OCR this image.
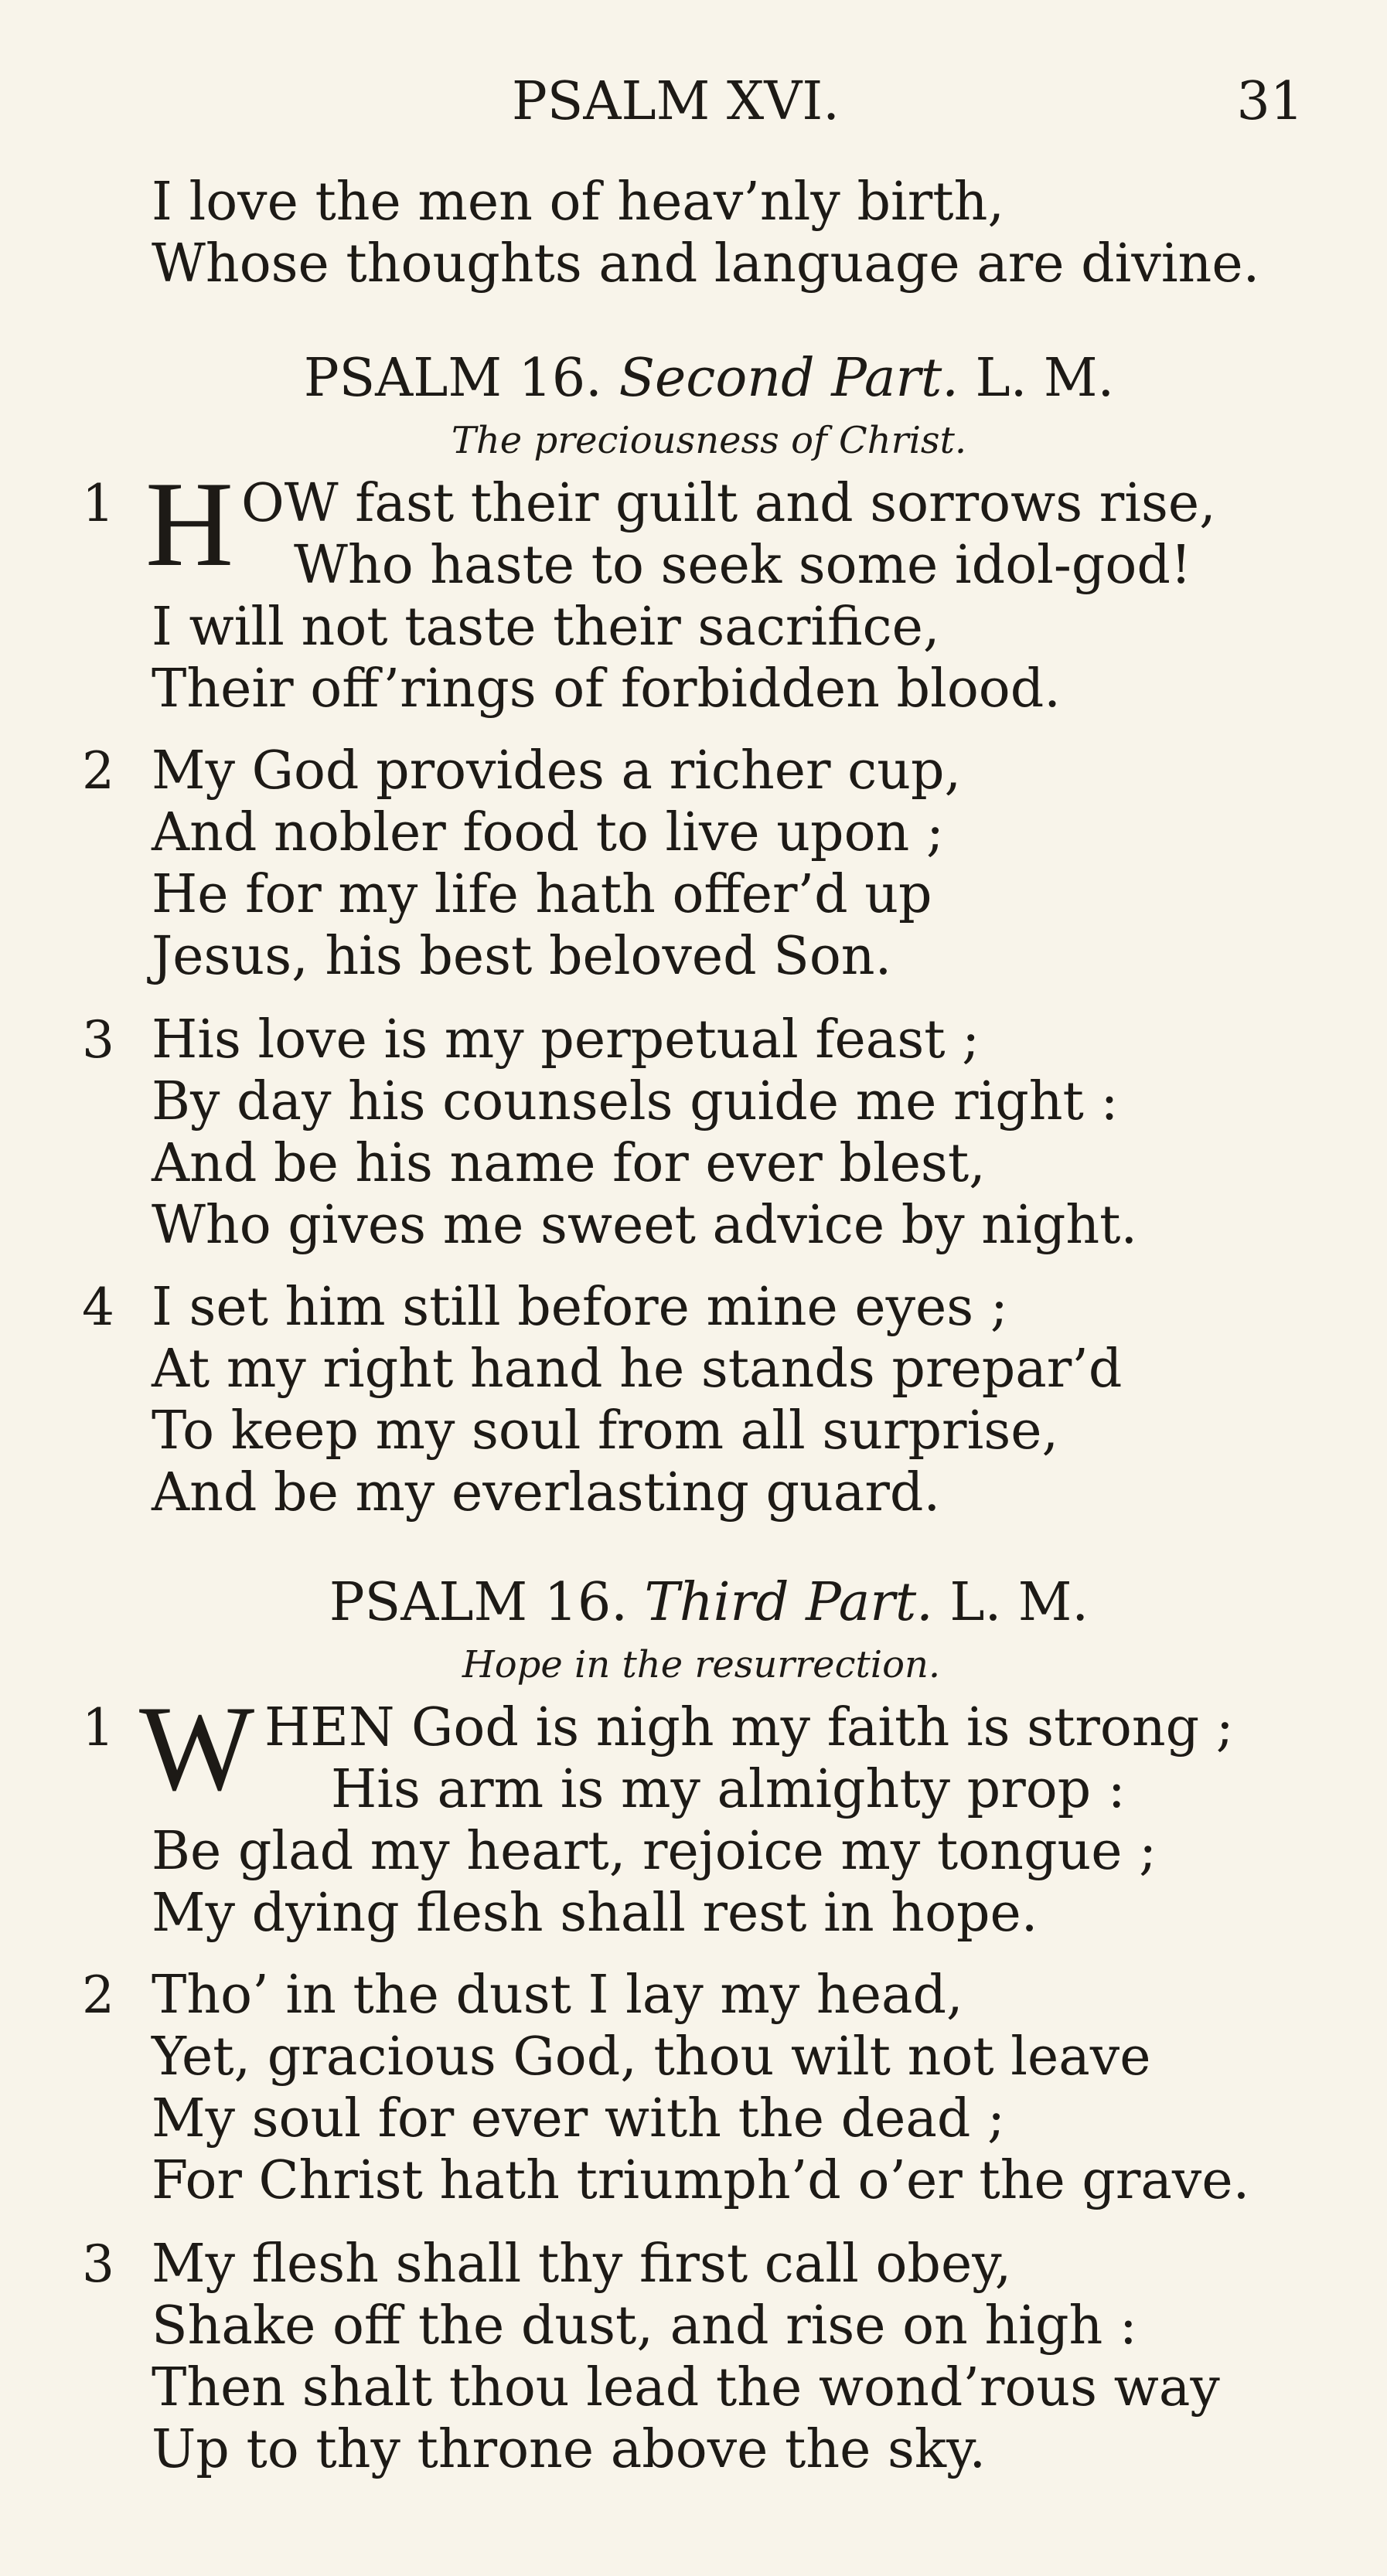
PSALM XVI.	31
I love the men of heav’nly birth,
Whose thoughts and language are divine.
PSALM 16. Second Part. L. M.
The preciousness of Christ.
1 H OW fast their guilt and sorrows rise,
Who haste to seek some idol-god!
I will not taste their sacrifice,
Their off’rings of forbidden blood.
2 My God provides a richer cup,
And nobler food to live upon ;
He for my life hath offer’d up
Jesus, his best beloved Son.
3 His love is my perpetual feast ;
By day his counsels guide me right :
And be his name for ever blest,
Who gives me sweet advice by night.
4 I set him still before mine eyes ;
At my right hand he stands prepar’d
To keep my soul from all surprise,
And be my everlasting guard.
PSALM 16. Third Part. L. M.
Hope in the resurrection.
1 W HEN God is nigh my faith is strong ;
His arm is my almighty prop :
Be glad my heart, rejoice my tongue ;
My dying flesh shall rest in hope.
2 Tho’ in the dust I lay my head,
Yet, gracious God, thou wilt not leave
My soul for ever with the dead ;
For Christ hath triumph’d o’er the grave.
3 My flesh shall thy first call obey,
Shake off the dust, and rise on high :
Then shalt thou lead the wond’rous way
Up to thy throne above the sky.
